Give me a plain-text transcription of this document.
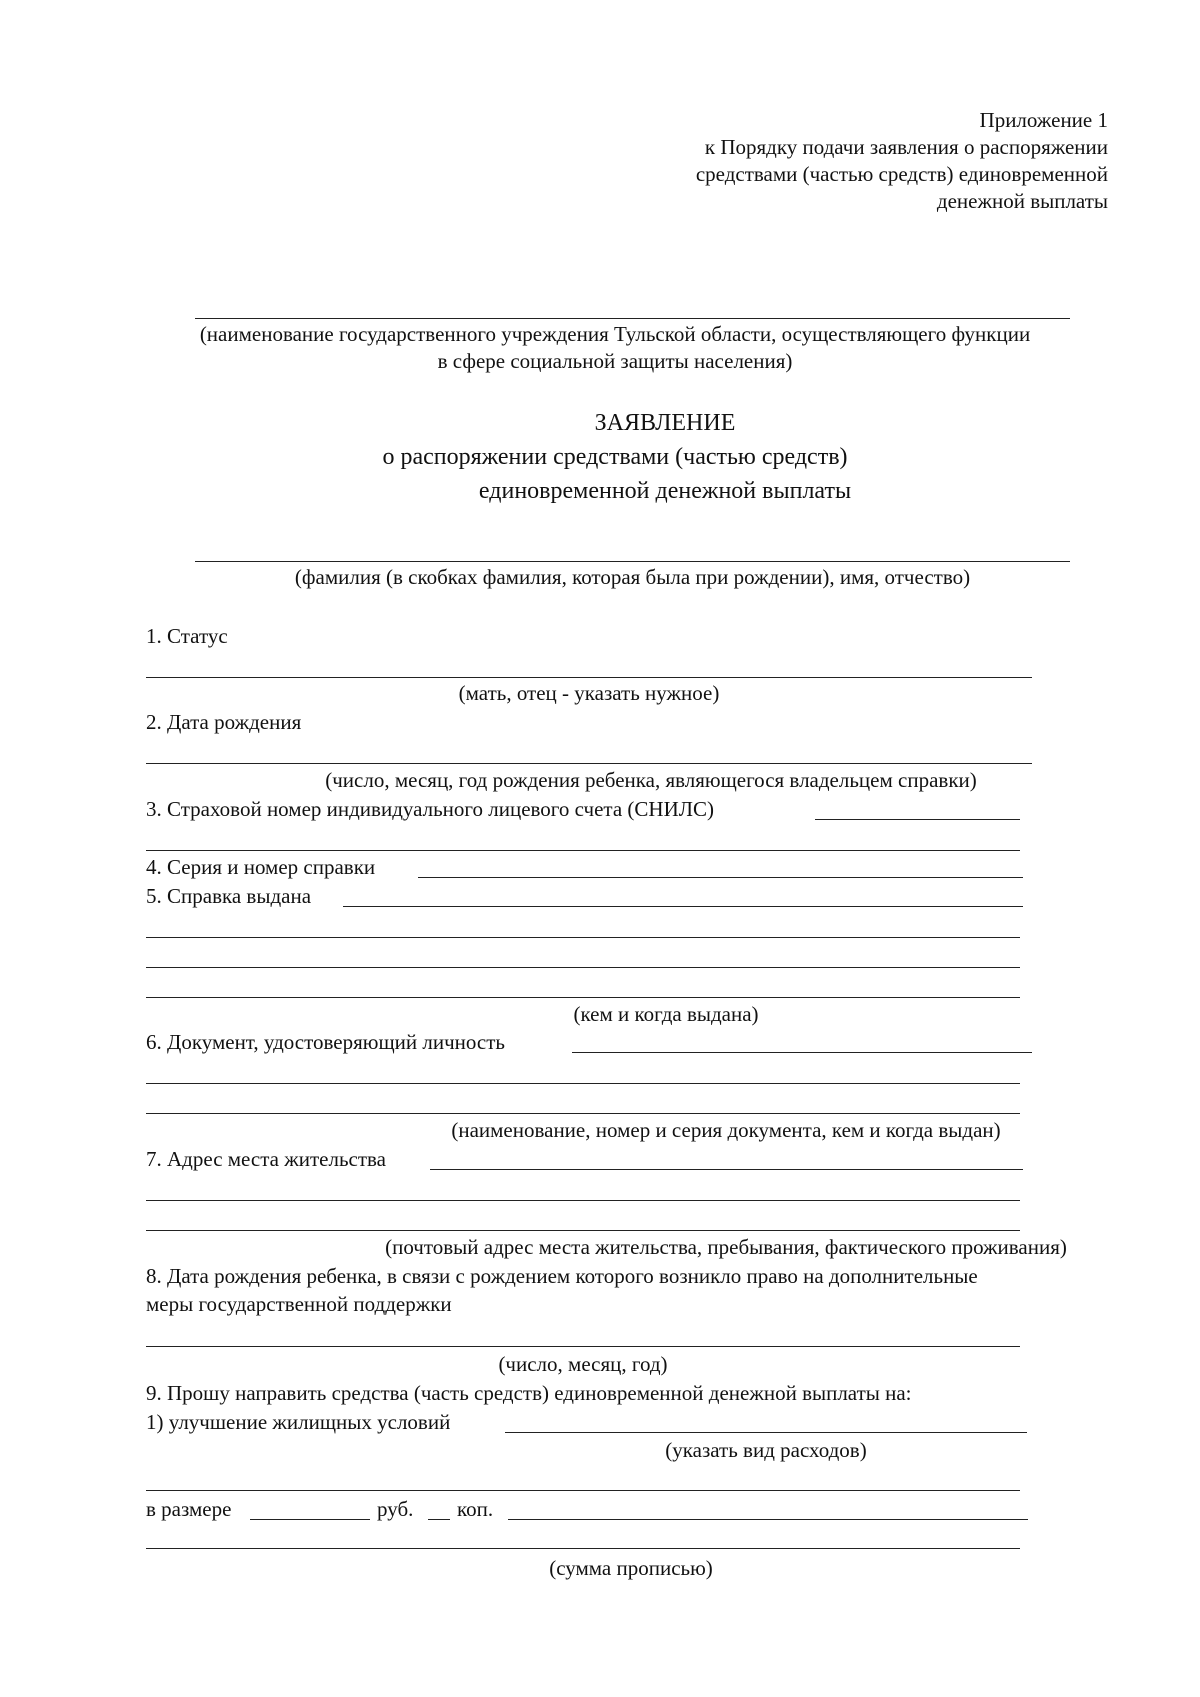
Приложение 1
к Порядку подачи заявления о распоряжении
средствами (частью средств) единовременной
денежной выплаты
(наименование государственного учреждения Тульской области, осуществляющего функции
в сфере социальной защиты населения)
ЗАЯВЛЕНИЕ
о распоряжении средствами (частью средств)
единовременной денежной выплаты
(фамилия (в скобках фамилия, которая была при рождении), имя, отчество)
1. Статус
(мать, отец - указать нужное)
2. Дата рождения
(число, месяц, год рождения ребенка, являющегося владельцем справки)
3. Страховой номер индивидуального лицевого счета (СНИЛС)
4. Серия и номер справки
5. Справка выдана
(кем и когда выдана)
6. Документ, удостоверяющий личность
(наименование, номер и серия документа, кем и когда выдан)
7. Адрес места жительства
(почтовый адрес места жительства, пребывания, фактического проживания)
8. Дата рождения ребенка, в связи с рождением которого возникло право на дополнительные
меры государственной поддержки
(число, месяц, год)
9. Прошу направить средства (часть средств) единовременной денежной выплаты на:
1) улучшение жилищных условий
(указать вид расходов)
в размере	руб. коп.
(сумма прописью)
